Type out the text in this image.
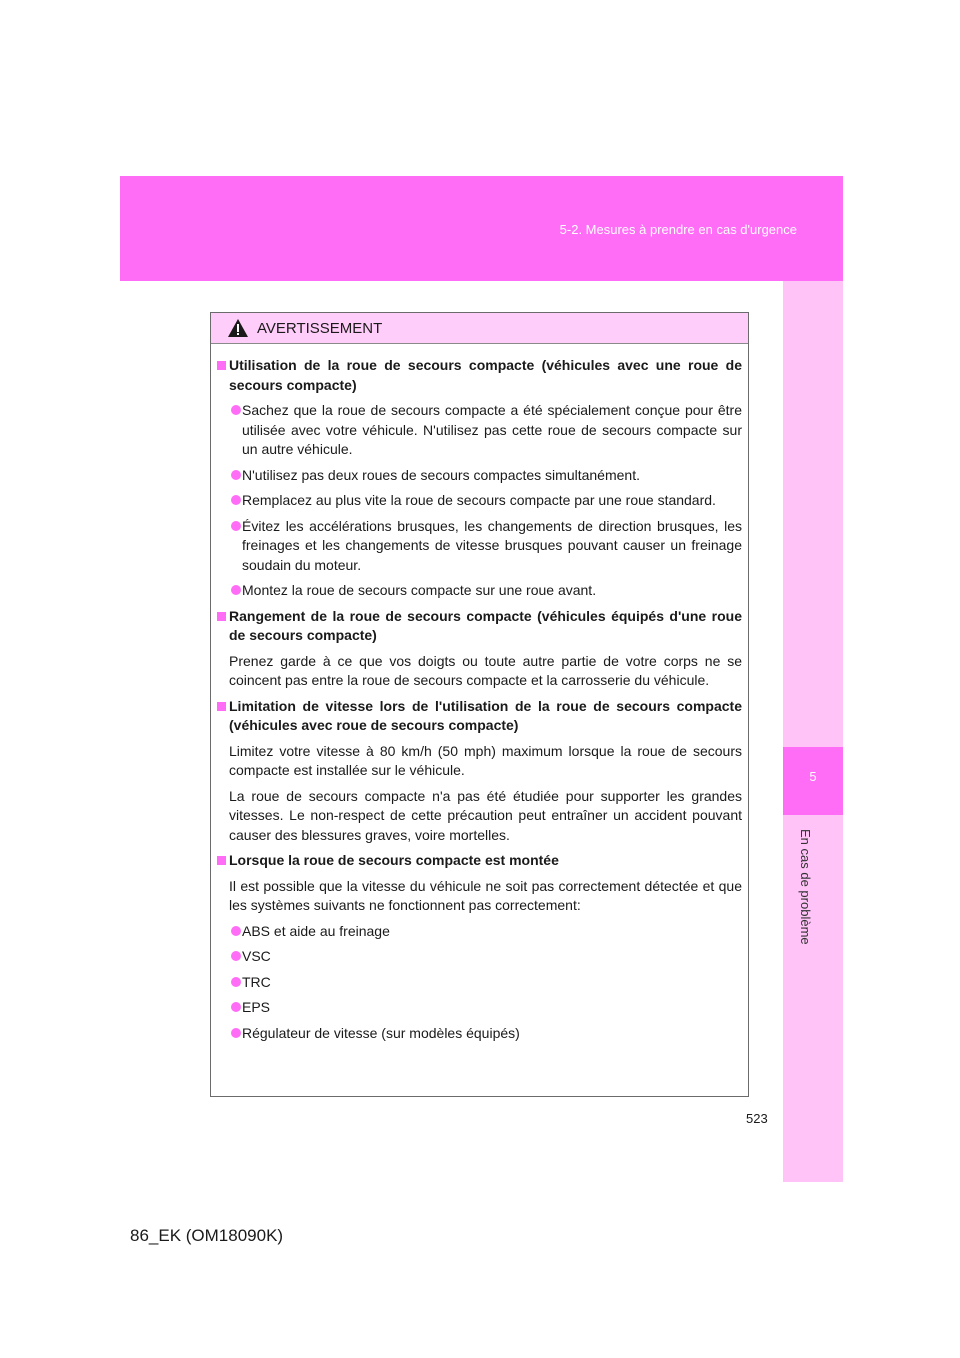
5-2. Mesures à prendre en cas d'urgence
5
En cas de problème
AVERTISSEMENT
Utilisation de la roue de secours compacte (véhicules avec une roue de secours compacte)
Sachez que la roue de secours compacte a été spécialement conçue pour être utilisée avec votre véhicule. N'utilisez pas cette roue de secours compacte sur un autre véhicule.
N'utilisez pas deux roues de secours compactes simultanément.
Remplacez au plus vite la roue de secours compacte par une roue standard.
Évitez les accélérations brusques, les changements de direction brusques, les freinages et les changements de vitesse brusques pouvant causer un freinage soudain du moteur.
Montez la roue de secours compacte sur une roue avant.
Rangement de la roue de secours compacte (véhicules équipés d'une roue de secours compacte)
Prenez garde à ce que vos doigts ou toute autre partie de votre corps ne se coincent pas entre la roue de secours compacte et la carrosserie du véhicule.
Limitation de vitesse lors de l'utilisation de la roue de secours compacte (véhicules avec roue de secours compacte)
Limitez votre vitesse à 80 km/h (50 mph) maximum lorsque la roue de secours compacte est installée sur le véhicule.
La roue de secours compacte n'a pas été étudiée pour supporter les grandes vitesses. Le non-respect de cette précaution peut entraîner un accident pouvant causer des blessures graves, voire mortelles.
Lorsque la roue de secours compacte est montée
Il est possible que la vitesse du véhicule ne soit pas correctement détectée et que les systèmes suivants ne fonctionnent pas correctement:
ABS et aide au freinage
VSC
TRC
EPS
Régulateur de vitesse (sur modèles équipés)
523
86_EK (OM18090K)
